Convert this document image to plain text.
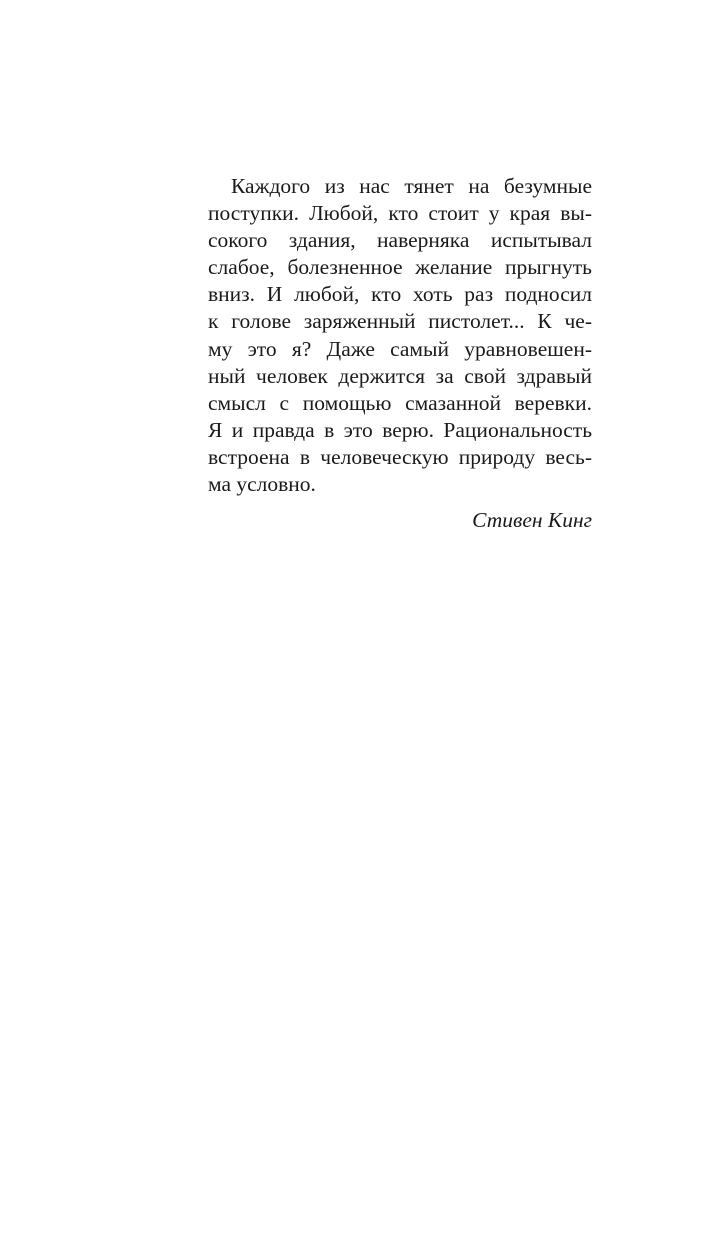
Каждого из нас тянет на безумные
поступки. Любой, кто стоит у края вы-
сокого здания, наверняка испытывал
слабое, болезненное желание прыгнуть
вниз. И любой, кто хоть раз подносил
к голове заряженный пистолет... К че-
му это я? Даже самый уравновешен-
ный человек держится за свой здравый
смысл с помощью смазанной веревки.
Я и правда в это верю. Рациональность
встроена в человеческую природу весь-
ма условно.
Стивен Кинг
